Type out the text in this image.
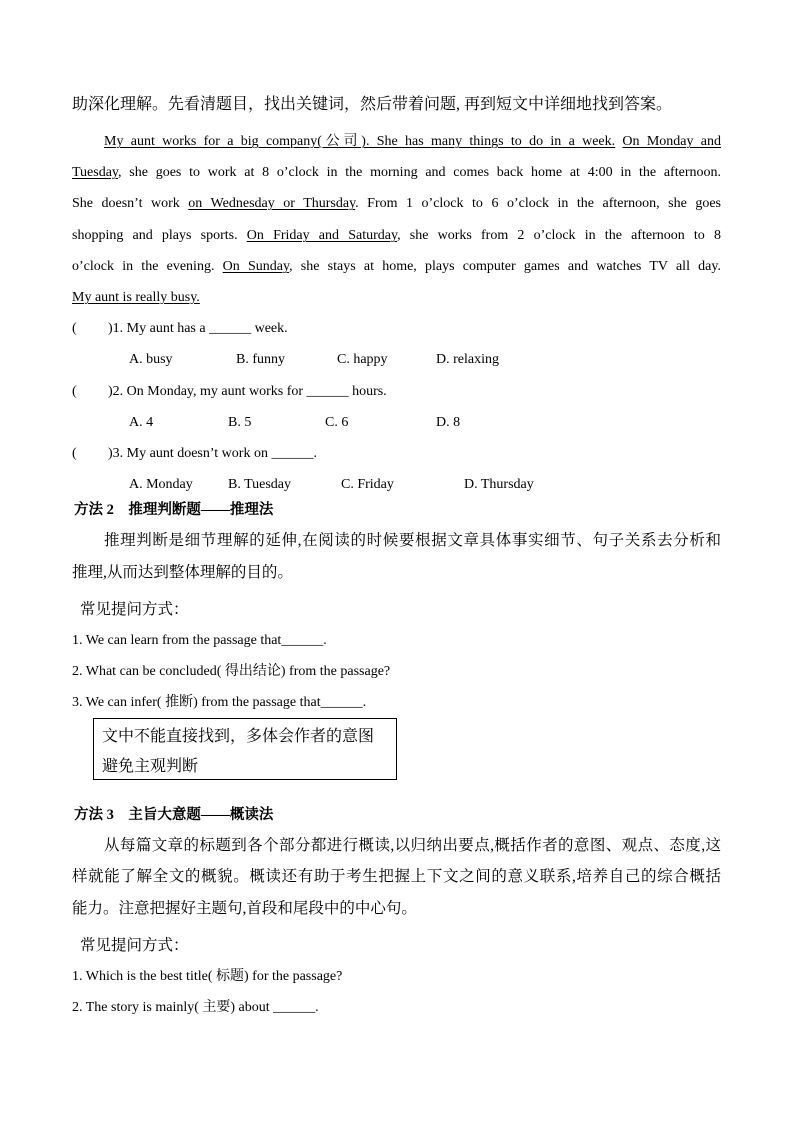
助深化理解。先看清题目，找出关键词，然后带着问题, 再到短文中详细地找到答案。
My aunt works for a big company(公司). She has many things to do in a week. On Monday and
Tuesday, she goes to work at 8 o’clock in the morning and comes back home at 4:00 in the afternoon.
She doesn’t work on Wednesday or Thursday. From 1 o’clock to 6 o’clock in the afternoon, she goes
shopping and plays sports. On Friday and Saturday, she works from 2 o’clock in the afternoon to 8
o’clock in the evening. On Sunday, she stays at home, plays computer games and watches TV all day.
My aunt is really busy.
( )1. My aunt has a ______ week.
A. busy	B. funny	C. happy	D. relaxing
( )2. On Monday, my aunt works for ______ hours.
A. 4	B. 5	C. 6	D. 8
( )3. My aunt doesn’t work on ______.
A. Monday	B. Tuesday	C. Friday	D. Thursday
方法 2　推理判断题——推理法
推理判断是细节理解的延伸,在阅读的时候要根据文章具体事实细节、句子关系去分析和
推理,从而达到整体理解的目的。
常见提问方式：
1. We can learn from the passage that______.
2. What can be concluded( 得出结论) from the passage?
3. We can infer( 推断) from the passage that______.
文中不能直接找到，多体会作者的意图
避免主观判断
方法 3　主旨大意题——概读法
从每篇文章的标题到各个部分都进行概读,以归纳出要点,概括作者的意图、观点、态度,这
样就能了解全文的概貌。概读还有助于考生把握上下文之间的意义联系,培养自己的综合概括
能力。注意把握好主题句,首段和尾段中的中心句。
常见提问方式：
1. Which is the best title( 标题) for the passage?
2. The story is mainly( 主要) about ______.
